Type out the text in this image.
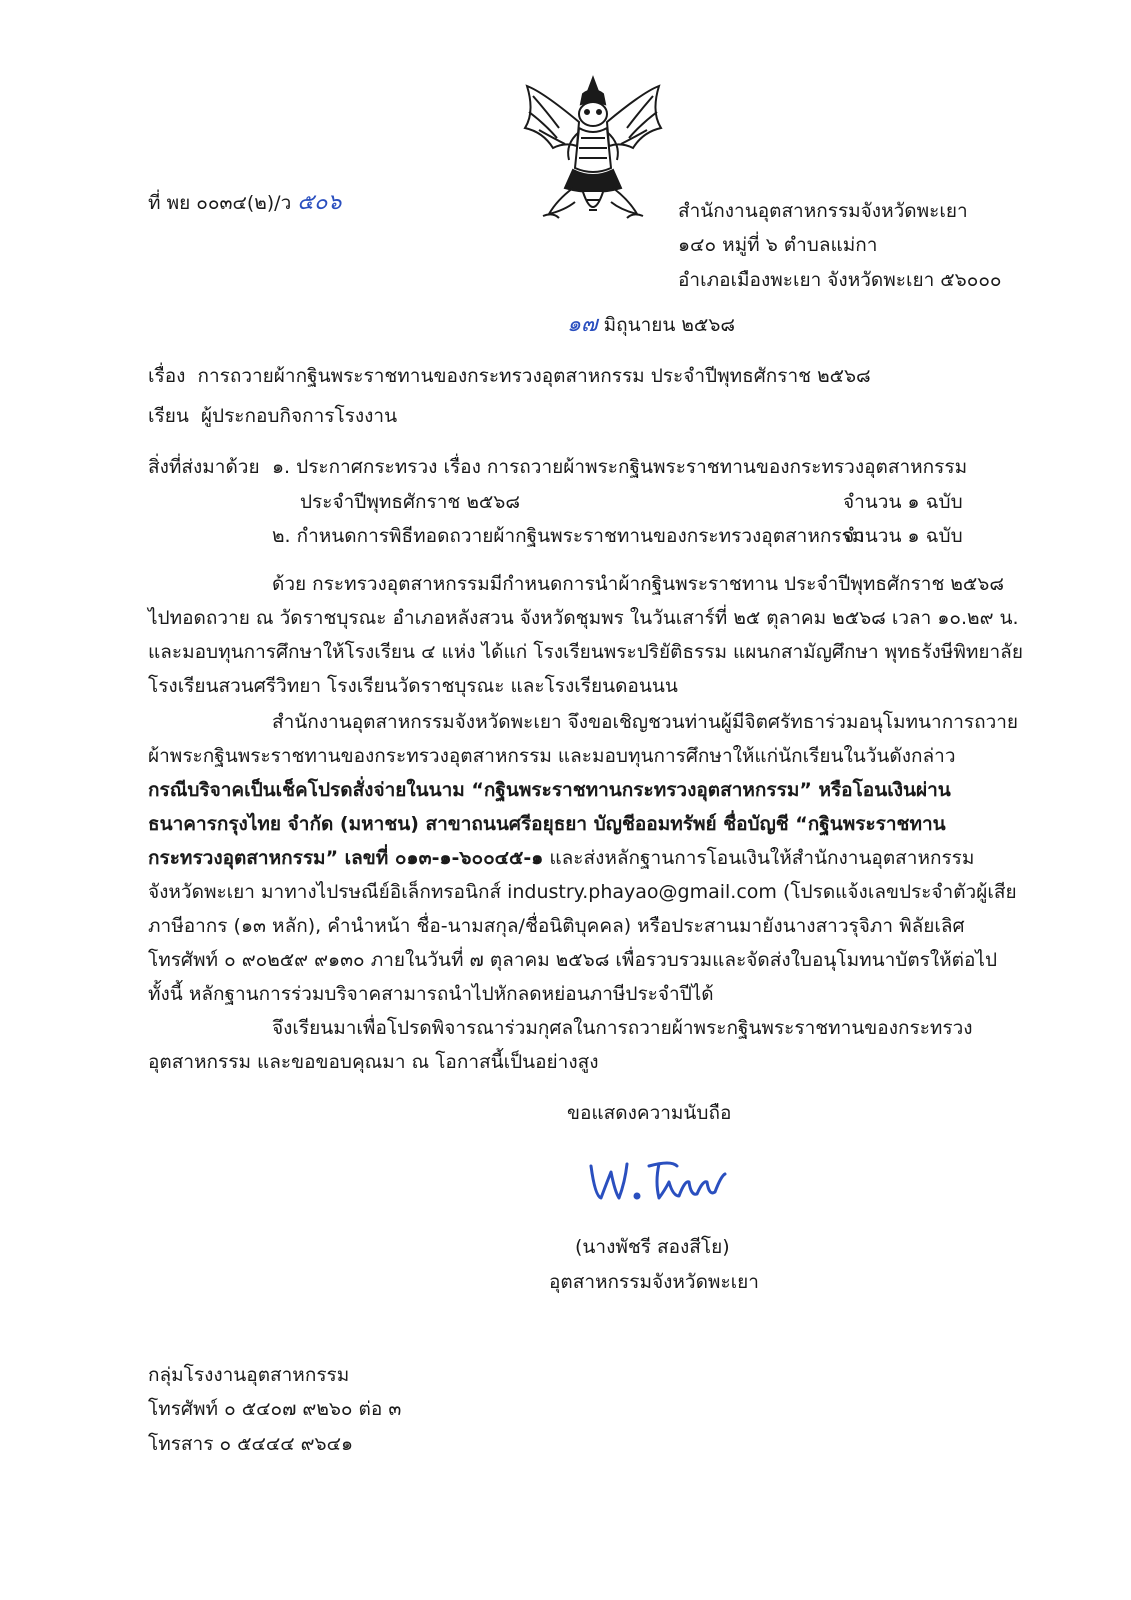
ที่ พย ๐๐๓๔(๒)/ว ๕๐๖	สำนักงานอุตสาหกรรมจังหวัดพะเยา
๑๔๐ หมู่ที่ ๖ ตำบลแม่กา
อำเภอเมืองพะเยา จังหวัดพะเยา ๕๖๐๐๐
๑๗ มิถุนายน ๒๕๖๘
เรื่อง การถวายผ้ากฐินพระราชทานของกระทรวงอุตสาหกรรม ประจำปีพุทธศักราช ๒๕๖๘
เรียน ผู้ประกอบกิจการโรงงาน
สิ่งที่ส่งมาด้วย ๑. ประกาศกระทรวง เรื่อง การถวายผ้าพระกฐินพระราชทานของกระทรวงอุตสาหกรรม
ประจำปีพุทธศักราช ๒๕๖๘	จำนวน ๑ ฉบับ
๒. กำหนดการพิธีทอดถวายผ้ากฐินพระราชทานของกระทรวงอุตสาหกรรม
จำนวน ๑ ฉบับ
ด้วย กระทรวงอุตสาหกรรมมีกำหนดการนำผ้ากฐินพระราชทาน ประจำปีพุทธศักราช ๒๕๖๘
ไปทอดถวาย ณ วัดราชบุรณะ อำเภอหลังสวน จังหวัดชุมพร ในวันเสาร์ที่ ๒๕ ตุลาคม ๒๕๖๘ เวลา ๑๐.๒๙ น.
และมอบทุนการศึกษาให้โรงเรียน ๔ แห่ง ได้แก่ โรงเรียนพระปริยัติธรรม แผนกสามัญศึกษา พุทธรังษีพิทยาลัย
โรงเรียนสวนศรีวิทยา โรงเรียนวัดราชบุรณะ และโรงเรียนดอนนน
สำนักงานอุตสาหกรรมจังหวัดพะเยา จึงขอเชิญชวนท่านผู้มีจิตศรัทธาร่วมอนุโมทนาการถวาย
ผ้าพระกฐินพระราชทานของกระทรวงอุตสาหกรรม และมอบทุนการศึกษาให้แก่นักเรียนในวันดังกล่าว
กรณีบริจาคเป็นเช็คโปรดสั่งจ่ายในนาม “กฐินพระราชทานกระทรวงอุตสาหกรรม” หรือโอนเงินผ่าน
ธนาคารกรุงไทย จำกัด (มหาชน) สาขาถนนศรีอยุธยา บัญชีออมทรัพย์ ชื่อบัญชี “กฐินพระราชทาน
กระทรวงอุตสาหกรรม” เลขที่ ๐๑๓-๑-๖๐๐๔๕-๑ และส่งหลักฐานการโอนเงินให้สำนักงานอุตสาหกรรม
จังหวัดพะเยา มาทางไปรษณีย์อิเล็กทรอนิกส์ industry.phayao@gmail.com (โปรดแจ้งเลขประจำตัวผู้เสีย
ภาษีอากร (๑๓ หลัก), คำนำหน้า ชื่อ-นามสกุล/ชื่อนิติบุคคล) หรือประสานมายังนางสาวรุจิภา พิลัยเลิศ
โทรศัพท์ ๐ ๙๐๒๕๙ ๙๑๓๐ ภายในวันที่ ๗ ตุลาคม ๒๕๖๘ เพื่อรวบรวมและจัดส่งใบอนุโมทนาบัตรให้ต่อไป
ทั้งนี้ หลักฐานการร่วมบริจาคสามารถนำไปหักลดหย่อนภาษีประจำปีได้
จึงเรียนมาเพื่อโปรดพิจารณาร่วมกุศลในการถวายผ้าพระกฐินพระราชทานของกระทรวง
อุตสาหกรรม และขอขอบคุณมา ณ โอกาสนี้เป็นอย่างสูง
ขอแสดงความนับถือ
(นางพัชรี สองสีโย)
อุตสาหกรรมจังหวัดพะเยา
กลุ่มโรงงานอุตสาหกรรม
โทรศัพท์ ๐ ๕๔๐๗ ๙๒๖๐ ต่อ ๓
โทรสาร ๐ ๕๔๔๔ ๙๖๔๑
